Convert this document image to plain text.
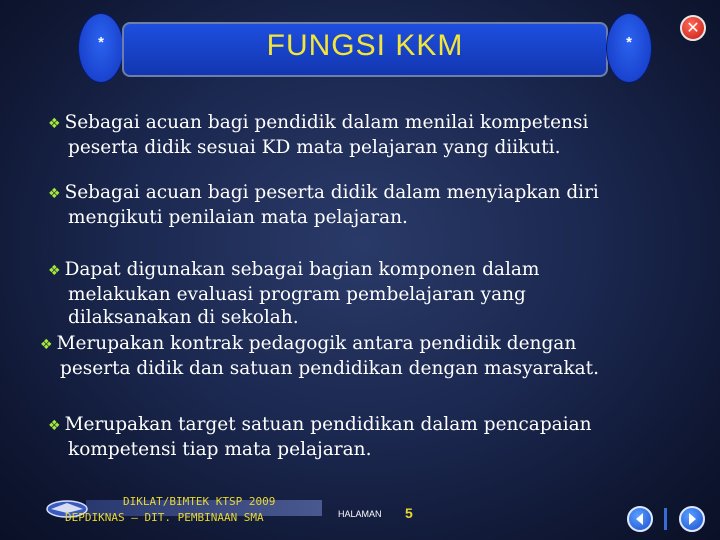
*	FUNGSI KKM	*
✕
❖ Sebagai acuan bagi pendidik dalam menilai kompetensi
peserta didik sesuai KD mata pelajaran yang diikuti.
❖ Sebagai acuan bagi peserta didik dalam menyiapkan diri
mengikuti penilaian mata pelajaran.
❖ Dapat digunakan sebagai bagian komponen dalam
melakukan evaluasi program pembelajaran yang
dilaksanakan di sekolah.
❖ Merupakan kontrak pedagogik antara pendidik dengan
peserta didik dan satuan pendidikan dengan masyarakat.
❖ Merupakan target satuan pendidikan dalam pencapaian
kompetensi tiap mata pelajaran.
DIKLAT/BIMTEK KTSP 2009
DEPDIKNAS – DIT. PEMBINAAN SMA	HALAMAN 5
